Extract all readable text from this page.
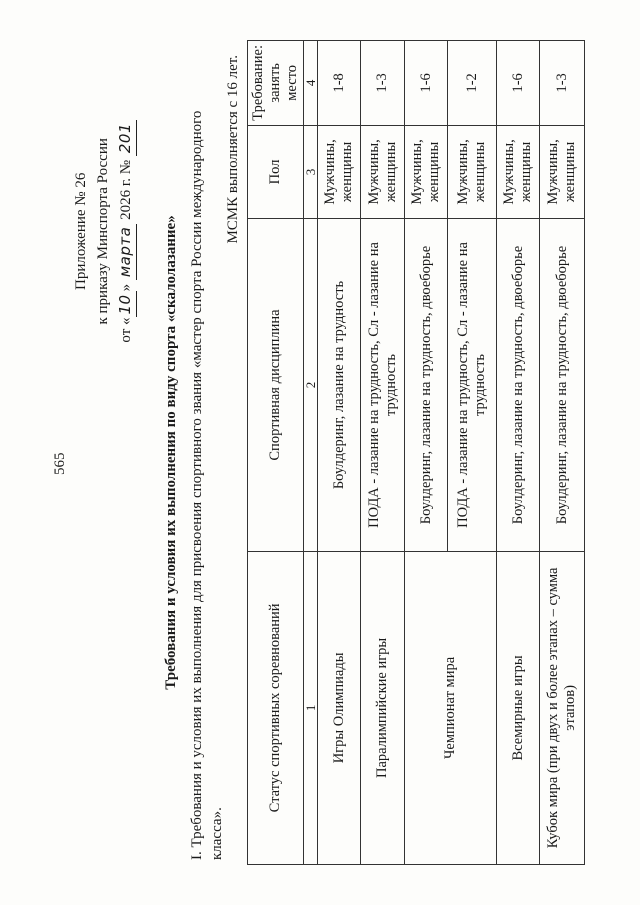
565
Приложение № 26 к приказу Минспорта России
от «10» марта 2026 г. № 201
Требования и условия их выполнения по виду спорта «скалолазание» I. Требования и условия их выполнения для присвоения спортивного звания «мастер спорта России международного класса».
МСМК выполняется с 16 лет.
Статус спортивных соревнований	Спортивная дисциплина	Пол	Требование: занять место
1	2	3	4
Игры Олимпиады	Боулдеринг, лазание на трудность	Мужчины, женщины	1-8
Паралимпийские игры	ПОДА - лазание на трудность, Сл - лазание на трудность	Мужчины, женщины	1-3
Чемпионат мира	Боулдеринг, лазание на трудность, двоеборье	Мужчины, женщины	1-6
	ПОДА - лазание на трудность, Сл - лазание на трудность	Мужчины, женщины	1-2
Всемирные игры	Боулдеринг, лазание на трудность, двоеборье	Мужчины, женщины	1-6
Кубок мира (при двух и более этапах – сумма этапов)	Боулдеринг, лазание на трудность, двоеборье	Мужчины, женщины	1-3
